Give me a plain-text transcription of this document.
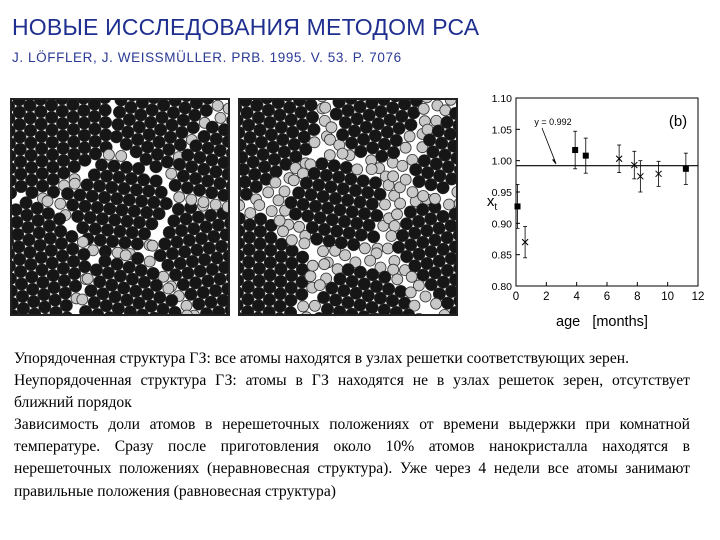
НОВЫЕ ИССЛЕДОВАНИЯ МЕТОДОМ РСА
J. LÖFFLER, J. WEISSMÜLLER. PRB. 1995. V. 53. P. 7076
0.80
0.85
0.90
0.95
1.00
1.05
1.10
0 2 4 6 8 10 12
(b)
y = 0.992
$x_t$
age   [months]

Упорядоченная структура ГЗ: все атомы находятся в узлах решетки соответствующих зерен.

Неупорядоченная структура ГЗ: атомы в ГЗ находятся не в узлах решеток зерен, отсутствует ближний порядок

Зависимость доли атомов в нерешеточных положениях от времени выдержки при комнатной температуре. Сразу после приготовления около 10% атомов нанокристалла находятся в нерешеточных положениях (неравновесная структура). Уже через 4 недели все атомы занимают правильные положения (равновесная структура)
